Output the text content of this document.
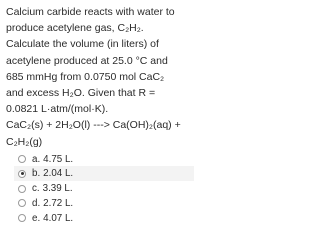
Calcium carbide reacts with water to
produce acetylene gas, C₂H₂.
Calculate the volume (in liters) of
acetylene produced at 25.0 °C and
685 mmHg from 0.0750 mol CaC₂
and excess H₂O. Given that R =
0.0821 L·atm/(mol·K).
CaC₂(s) + 2H₂O(l) ---> Ca(OH)₂(aq) +
C₂H₂(g)
a. 4.75 L.
b. 2.04 L.
c. 3.39 L.
d. 2.72 L.
e. 4.07 L.
